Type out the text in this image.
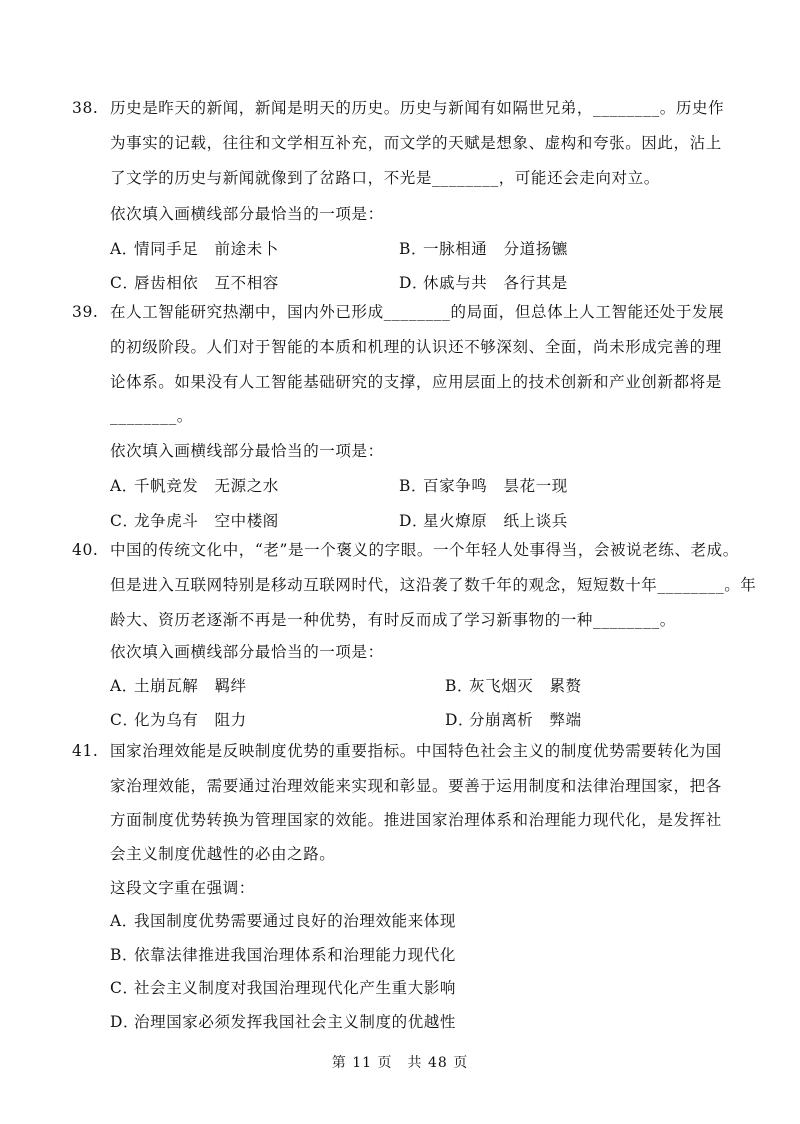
38. 历史是昨天的新闻，新闻是明天的历史。历史与新闻有如隔世兄弟，________。历史作
为事实的记载，往往和文学相互补充，而文学的天赋是想象、虚构和夸张。因此，沾上
了文学的历史与新闻就像到了岔路口，不光是________，可能还会走向对立。
依次填入画横线部分最恰当的一项是：
A．情同手足　前途未卜	B．一脉相通　分道扬镳
C．唇齿相依　互不相容	D．休戚与共　各行其是
39. 在人工智能研究热潮中，国内外已形成________的局面，但总体上人工智能还处于发展
的初级阶段。人们对于智能的本质和机理的认识还不够深刻、全面，尚未形成完善的理
论体系。如果没有人工智能基础研究的支撑，应用层面上的技术创新和产业创新都将是
________。
依次填入画横线部分最恰当的一项是：
A．千帆竞发　无源之水	B．百家争鸣　昙花一现
C．龙争虎斗　空中楼阁	D．星火燎原　纸上谈兵
40. 中国的传统文化中，“老”是一个褒义的字眼。一个年轻人处事得当，会被说老练、老成。
但是进入互联网特别是移动互联网时代，这沿袭了数千年的观念，短短数十年________。年
龄大、资历老逐渐不再是一种优势，有时反而成了学习新事物的一种________。
依次填入画横线部分最恰当的一项是：
A．土崩瓦解　羁绊	B．灰飞烟灭　累赘
C．化为乌有　阻力	D．分崩离析　弊端
41. 国家治理效能是反映制度优势的重要指标。中国特色社会主义的制度优势需要转化为国
家治理效能，需要通过治理效能来实现和彰显。要善于运用制度和法律治理国家，把各
方面制度优势转换为管理国家的效能。推进国家治理体系和治理能力现代化，是发挥社
会主义制度优越性的必由之路。
这段文字重在强调：
A．我国制度优势需要通过良好的治理效能来体现
B．依靠法律推进我国治理体系和治理能力现代化
C．社会主义制度对我国治理现代化产生重大影响
D．治理国家必须发挥我国社会主义制度的优越性
第 11 页　共 48 页
